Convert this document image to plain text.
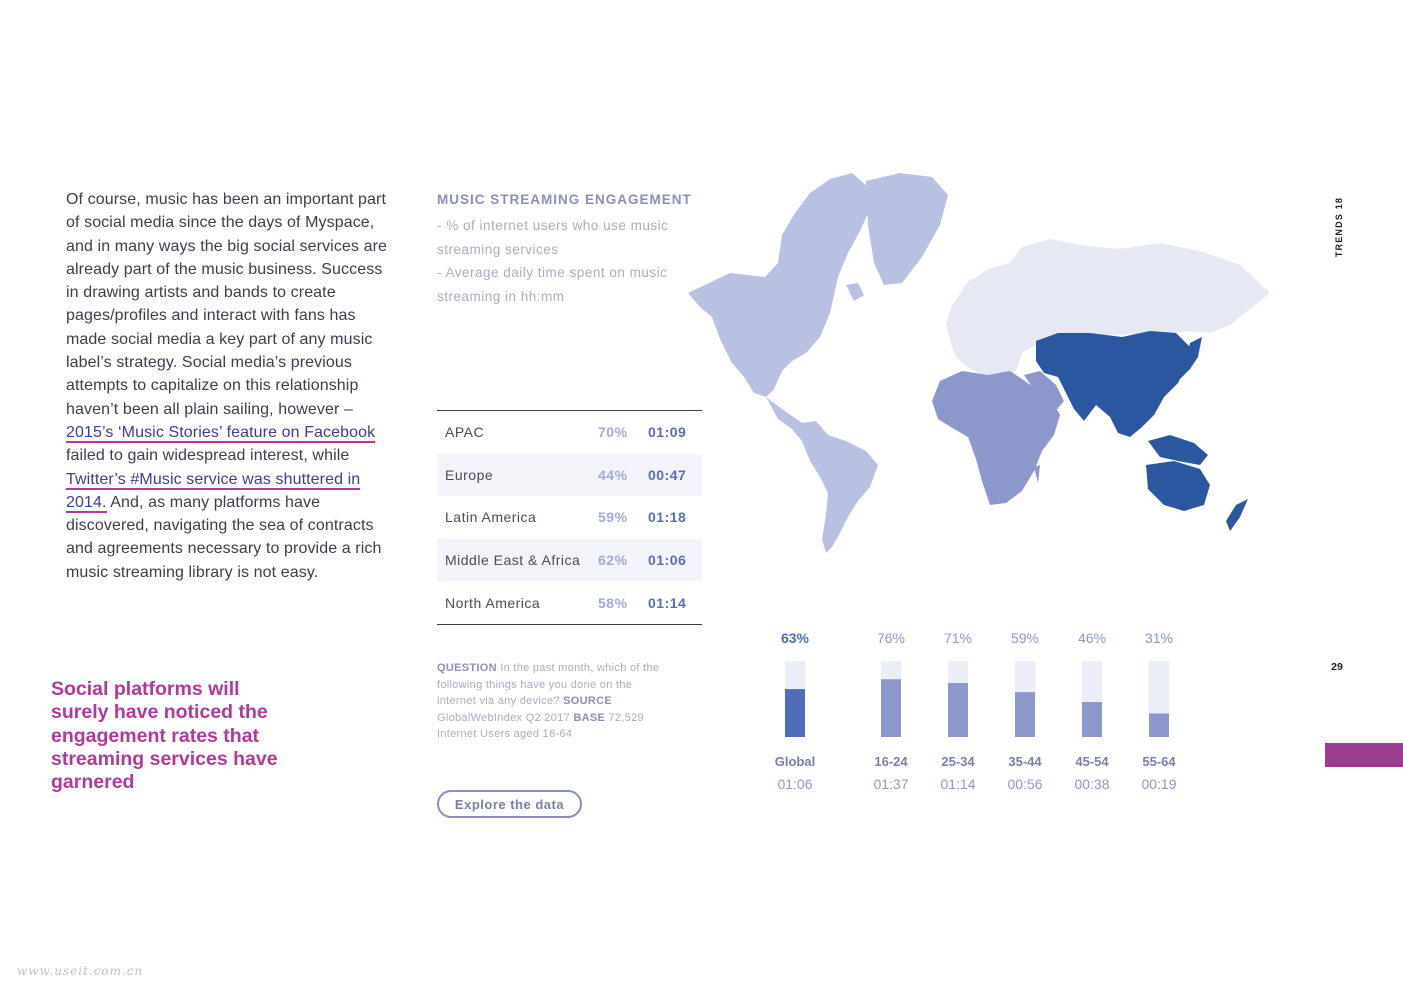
Of course, music has been an important part of social media since the days of Myspace, and in many ways the big social services are already part of the music business. Success in drawing artists and bands to create pages/profiles and interact with fans has made social media a key part of any music label’s strategy. Social media’s previous attempts to capitalize on this relationship haven’t been all plain sailing, however – 2015’s ‘Music Stories’ feature on Facebook failed to gain widespread interest, while Twitter’s #Music service was shuttered in 2014. And, as many platforms have discovered, navigating the sea of contracts and agreements necessary to provide a rich music streaming library is not easy.
Social platforms will surely have noticed the engagement rates that streaming services have garnered
MUSIC STREAMING ENGAGEMENT
- % of internet users who use music streaming services
- Average daily time spent on music streaming in hh:mm
APAC	70%	01:09
Europe	44%	00:47
Latin America	59%	01:18
Middle East & Africa	62%	01:06
North America	58%	01:14
QUESTION In the past month, which of the following things have you done on the internet via any device? SOURCE GlobalWebIndex Q2 2017 BASE 72,529 Internet Users aged 16-64
Explore the data
63%
Global
01:06
76%
16-24
01:37
71%
25-34
01:14
59%
35-44
00:56
46%
45-54
00:38
31%
55-64
00:19
TRENDS 18
29
www.useit.com.cn
